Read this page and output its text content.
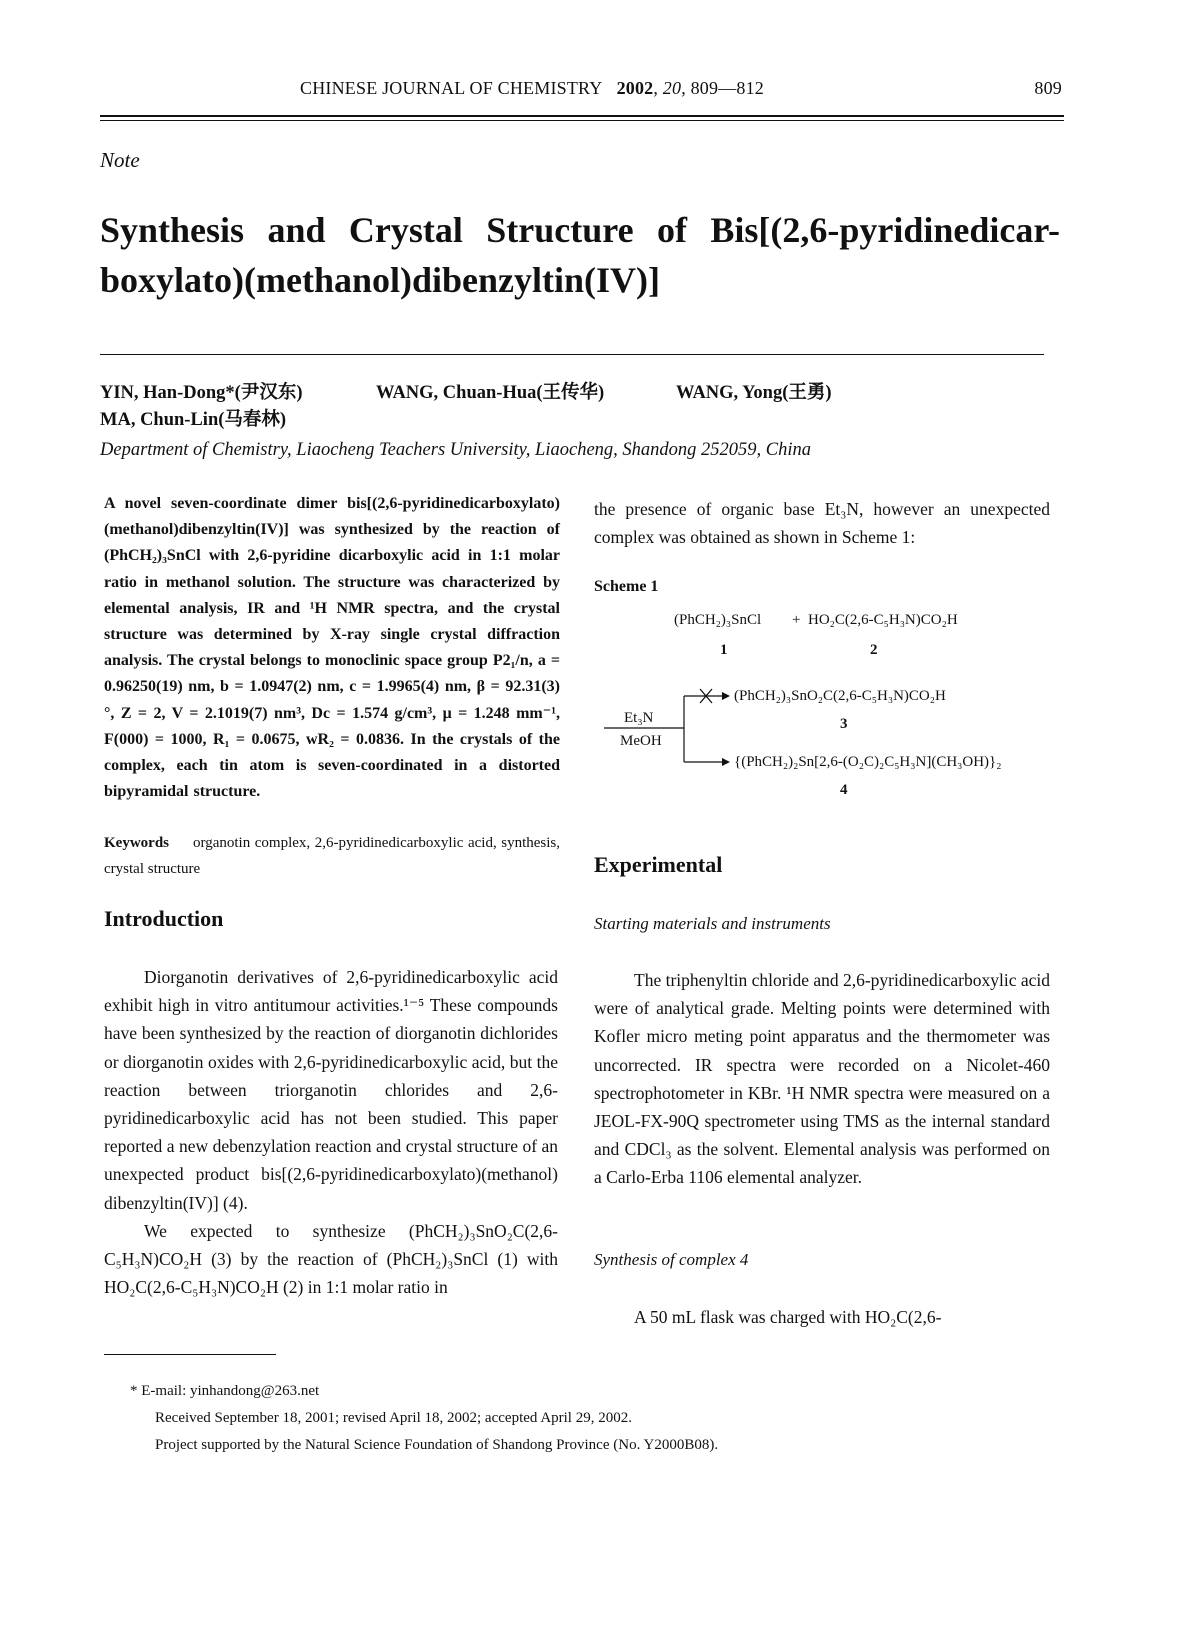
CHINESE JOURNAL OF CHEMISTRY 2002, 20, 809—812	809
Note
Synthesis and Crystal Structure of Bis[(2,6-pyridinedicar-
boxylato)(methanol)dibenzyltin(IV)]
YIN, Han-Dong*(尹汉东)	WANG, Chuan-Hua(王传华)	WANG, Yong(王勇)
MA, Chun-Lin(马春林)
Department of Chemistry, Liaocheng Teachers University, Liaocheng, Shandong 252059, China
A novel seven-coordinate dimer bis[(2,6-pyridinedicarboxylato)(methanol)dibenzyltin(IV)] was synthesized by the reaction of (PhCH₂)₃SnCl with 2,6-pyridine dicarboxylic acid in 1:1 molar ratio in methanol solution. The structure was characterized by elemental analysis, IR and ¹H NMR spectra, and the crystal structure was determined by X-ray single crystal diffraction analysis. The crystal belongs to monoclinic space group P2₁/n, a = 0.96250(19) nm, b = 1.0947(2) nm, c = 1.9965(4) nm, β = 92.31(3)°, Z = 2, V = 2.1019(7) nm³, Dc = 1.574 g/cm³, μ = 1.248 mm⁻¹, F(000) = 1000, R₁ = 0.0675, wR₂ = 0.0836. In the crystals of the complex, each tin atom is seven-coordinated in a distorted bipyramidal structure.
Keywords organotin complex, 2,6-pyridinedicarboxylic acid, synthesis, crystal structure
Introduction

Diorganotin derivatives of 2,6-pyridinedicarboxylic acid exhibit high in vitro antitumour activities.¹⁻⁵ These compounds have been synthesized by the reaction of diorganotin dichlorides or diorganotin oxides with 2,6-pyridinedicarboxylic acid, but the reaction between triorganotin chlorides and 2,6-pyridinedicarboxylic acid has not been studied. This paper reported a new debenzylation reaction and crystal structure of an unexpected product bis[(2,6-pyridinedicarboxylato)(methanol) dibenzyltin(IV)] (4).

We expected to synthesize (PhCH₂)₃SnO₂C(2,6-C₅H₃N)CO₂H (3) by the reaction of (PhCH₂)₃SnCl (1) with HO₂C(2,6-C₅H₃N)CO₂H (2) in 1:1 molar ratio in

the presence of organic base Et₃N, however an unexpected complex was obtained as shown in Scheme 1:
Scheme 1
(PhCH₂)₃SnCl + HO₂C(2,6-C₅H₃N)CO₂H
1	2
Et₃N
MeOH
(PhCH₂)₃SnO₂C(2,6-C₅H₃N)CO₂H
3
{(PhCH₂)₂Sn[2,6-(O₂C)₂C₅H₃N](CH₃OH)}₂
4
Experimental
Starting materials and instruments

The triphenyltin chloride and 2,6-pyridinedicarboxylic acid were of analytical grade. Melting points were determined with Kofler micro meting point apparatus and the thermometer was uncorrected. IR spectra were recorded on a Nicolet-460 spectrophotometer in KBr. ¹H NMR spectra were measured on a JEOL-FX-90Q spectrometer using TMS as the internal standard and CDCl₃ as the solvent. Elemental analysis was performed on a Carlo-Erba 1106 elemental analyzer.

Synthesis of complex 4

A 50 mL flask was charged with HO₂C(2,6-

* E-mail: yinhandong@263.net
Received September 18, 2001; revised April 18, 2002; accepted April 29, 2002.
Project supported by the Natural Science Foundation of Shandong Province (No. Y2000B08).
